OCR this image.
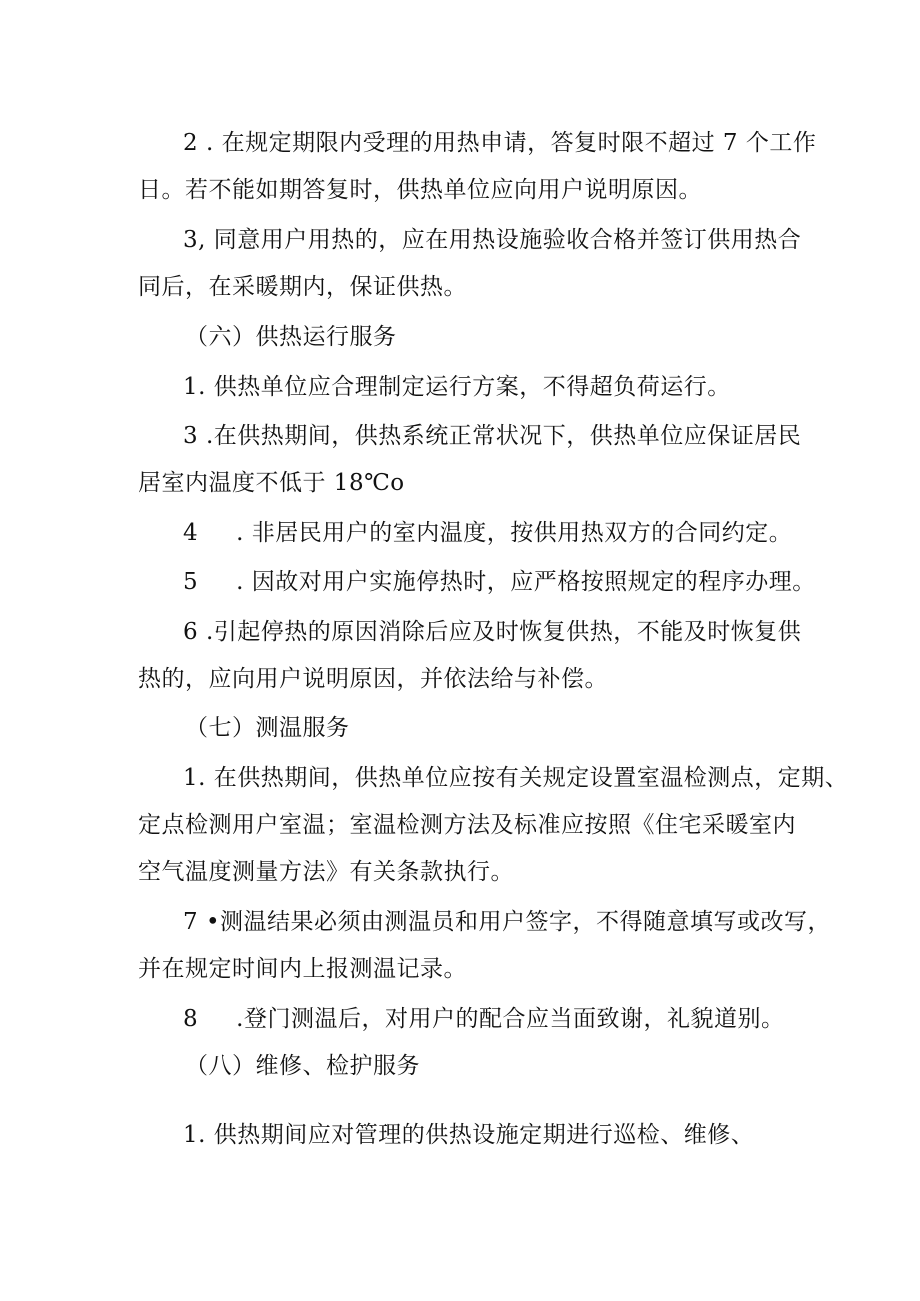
2 . 在规定期限内受理的用热申请，答复时限不超过 7 个工作
日。若不能如期答复时，供热单位应向用户说明原因。
3, 同意用户用热的，应在用热设施验收合格并签订供用热合
同后，在采暖期内，保证供热。
（六）供热运行服务
1. 供热单位应合理制定运行方案，不得超负荷运行。
3 .在供热期间，供热系统正常状况下，供热单位应保证居民
居室内温度不低于 18℃o
4 . 非居民用户的室内温度，按供用热双方的合同约定。
5 . 因故对用户实施停热时，应严格按照规定的程序办理。
6 .引起停热的原因消除后应及时恢复供热，不能及时恢复供
热的，应向用户说明原因，并依法给与补偿。
（七）测温服务
1. 在供热期间，供热单位应按有关规定设置室温检测点，定期、
定点检测用户室温；室温检测方法及标准应按照《住宅采暖室内
空气温度测量方法》有关条款执行。
7 •测温结果必须由测温员和用户签字，不得随意填写或改写，
并在规定时间内上报测温记录。
8 .登门测温后，对用户的配合应当面致谢，礼貌道别。
（八）维修、检护服务
1. 供热期间应对管理的供热设施定期进行巡检、维修、
